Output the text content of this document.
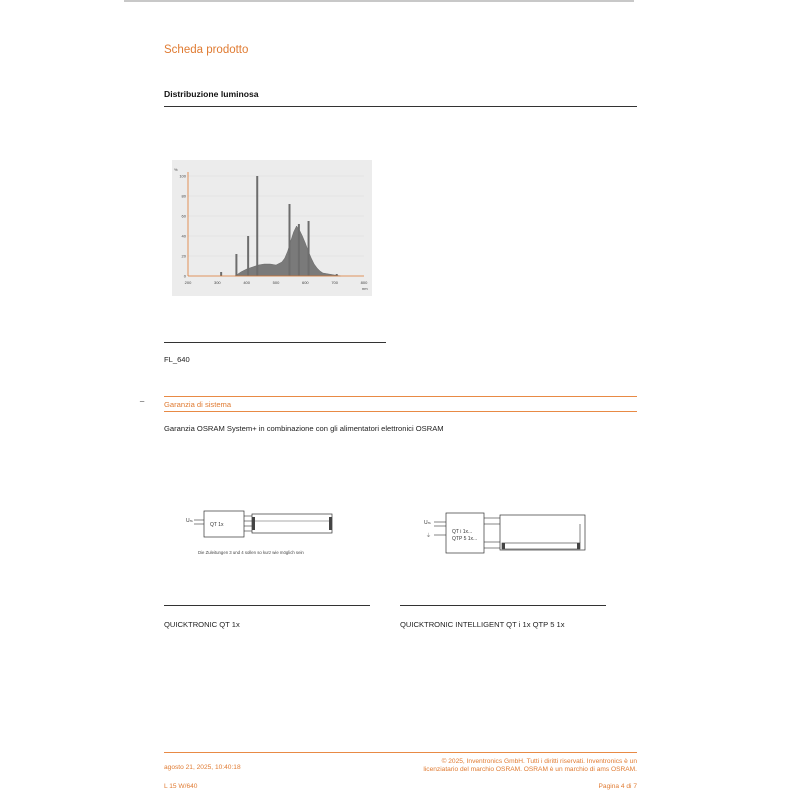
Scheda prodotto
Distribuzione luminosa
200	300	400	500	600	700	800
0
20
40
60
80
100
%
nm
FL_640
_
Garanzia di sistema
Garanzia OSRAM System+ in combinazione con gli alimentatori elettronici OSRAM
Uₘ
QT 1x
Die Zuleitungen 3 und 4 sollen so kurz wie möglich sein
Uₘ
⏚
QT i 1x...
QTP 5 1x...
QUICKTRONIC QT 1x	QUICKTRONIC INTELLIGENT QT i 1x QTP 5 1x
agosto 21, 2025, 10:40:18
L 15 W/640
© 2025, Inventronics GmbH. Tutti i diritti riservati. Inventronics è un
licenziatario del marchio OSRAM. OSRAM è un marchio di ams OSRAM.
Pagina 4 di 7
